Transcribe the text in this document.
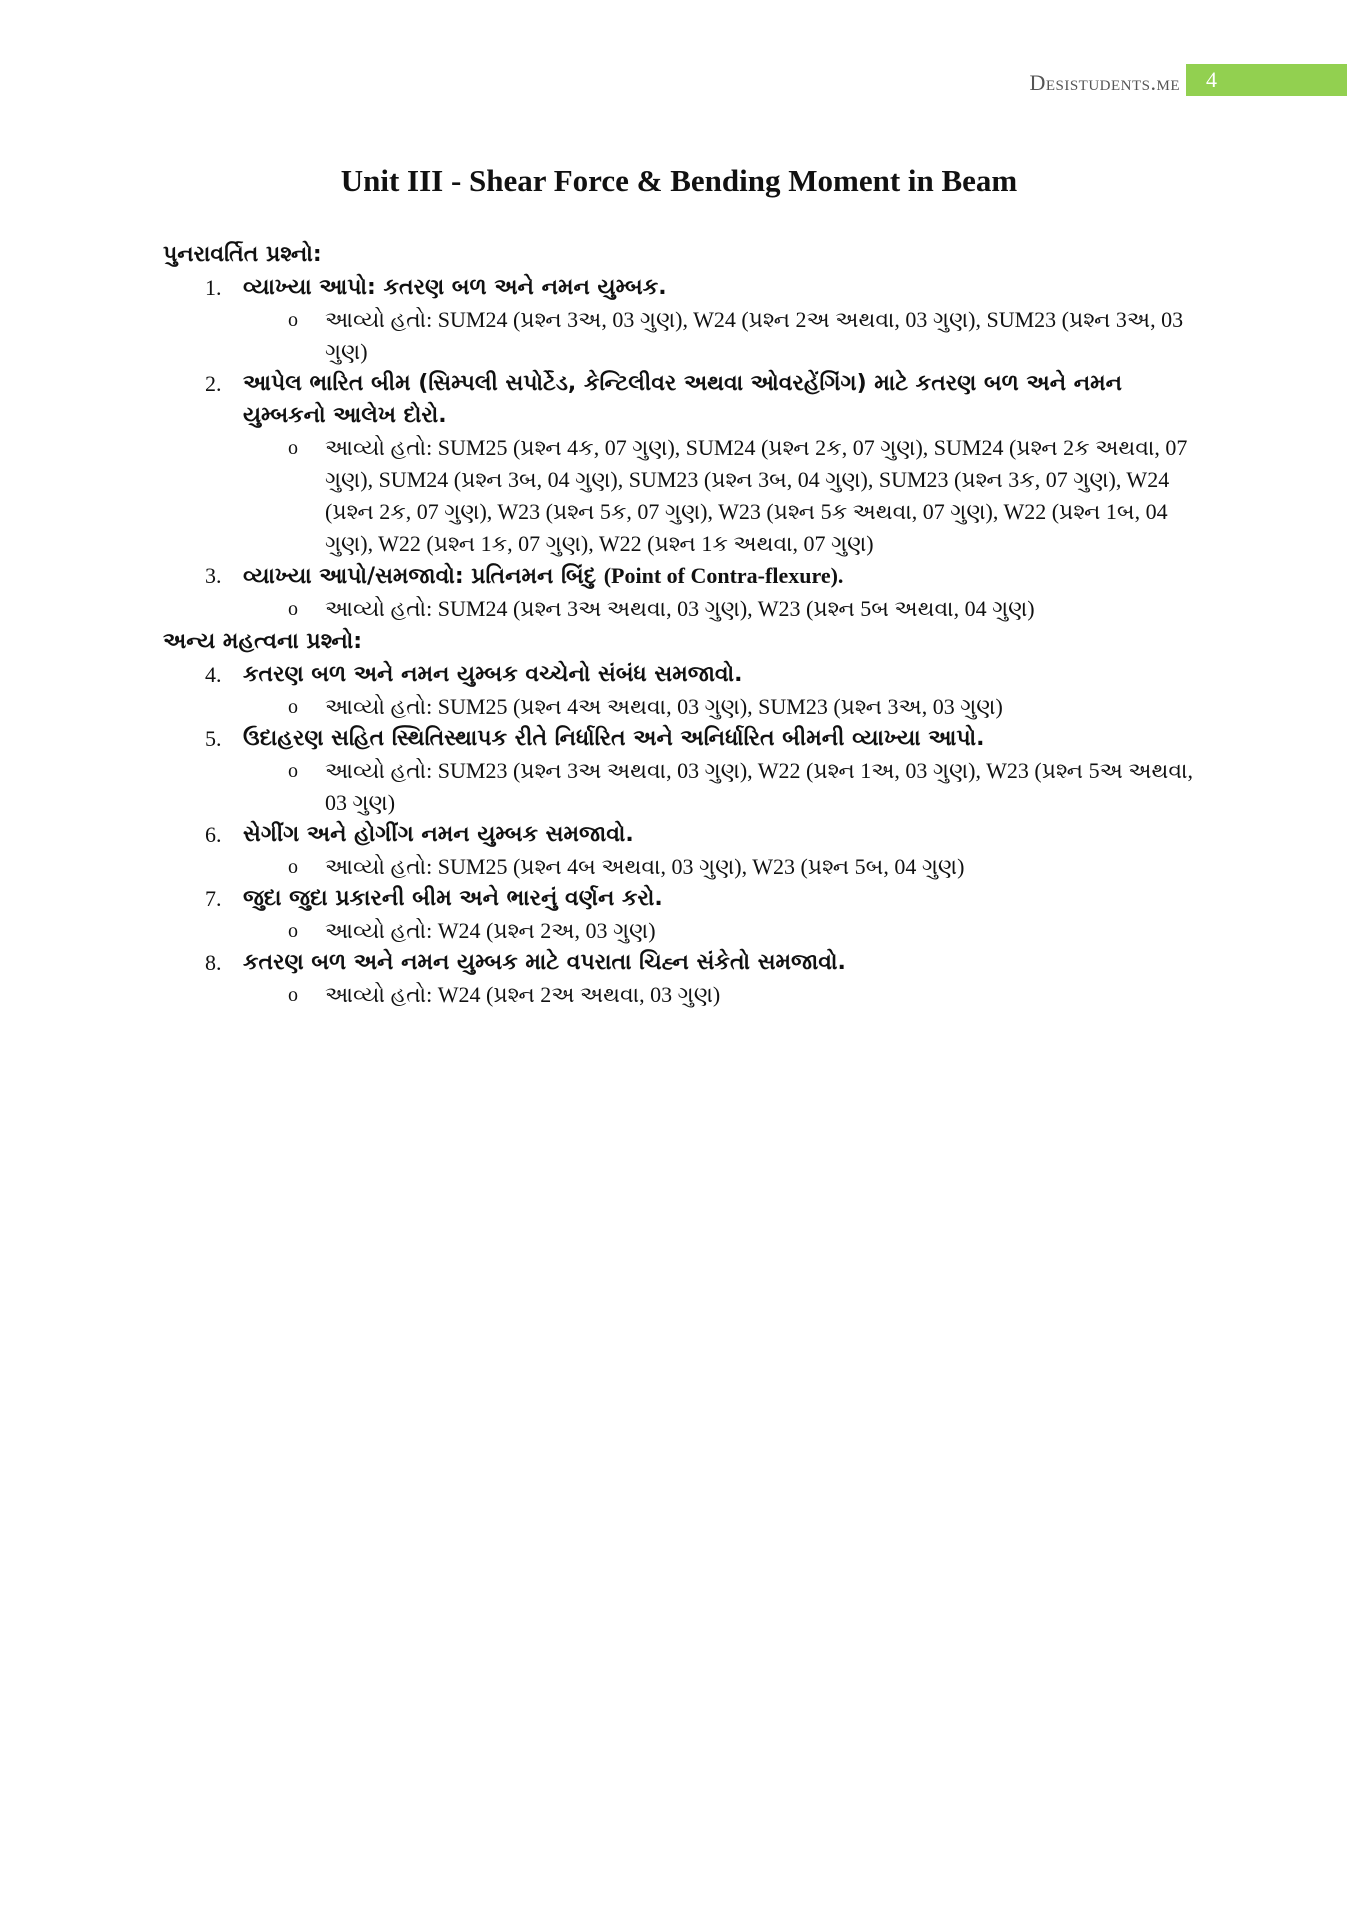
Desistudents.me	4
Unit III - Shear Force & Bending Moment in Beam
પુનરાવર્તિત પ્રશ્નો:
1. વ્યાખ્યા આપો: કતરણ બળ અને નમન યુમ્બક.
o આવ્યો હતો: SUM24 (પ્રશ્ન 3અ, 03 ગુણ), W24 (પ્રશ્ન 2અ અથવા, 03 ગુણ), SUM23 (પ્રશ્ન 3અ, 03 ગુણ)
2. આપેલ ભારિત બીમ (સિમ્પલી સપોર્ટેડ, કેન્ટિલીવર અથવા ઓવરહેંગિંગ) માટે કતરણ બળ અને નમન યુમ્બકનો આલેખ દોરો.
o આવ્યો હતો: SUM25 (પ્રશ્ન 4ક, 07 ગુણ), SUM24 (પ્રશ્ન 2ક, 07 ગુણ), SUM24 (પ્રશ્ન 2ક અથવા, 07 ગુણ), SUM24 (પ્રશ્ન 3બ, 04 ગુણ), SUM23 (પ્રશ્ન 3બ, 04 ગુણ), SUM23 (પ્રશ્ન 3ક, 07 ગુણ), W24 (પ્રશ્ન 2ક, 07 ગુણ), W23 (પ્રશ્ન 5ક, 07 ગુણ), W23 (પ્રશ્ન 5ક અથવા, 07 ગુણ), W22 (પ્રશ્ન 1બ, 04 ગુણ), W22 (પ્રશ્ન 1ક, 07 ગુણ), W22 (પ્રશ્ન 1ક અથવા, 07 ગુણ)
3. વ્યાખ્યા આપો/સમજાવો: પ્રતિનમન બિંદુ (Point of Contra-flexure).
o આવ્યો હતો: SUM24 (પ્રશ્ન 3અ અથવા, 03 ગુણ), W23 (પ્રશ્ન 5બ અથવા, 04 ગુણ)
અન્ય મહત્વના પ્રશ્નો:
4. કતરણ બળ અને નમન યુમ્બક વચ્ચેનો સંબંધ સમજાવો.
o આવ્યો હતો: SUM25 (પ્રશ્ન 4અ અથવા, 03 ગુણ), SUM23 (પ્રશ્ન 3અ, 03 ગુણ)
5. ઉદાહરણ સહિત સ્થિતિસ્થાપક રીતે નિર્ધારિત અને અનિર્ધારિત બીમની વ્યાખ્યા આપો.
o આવ્યો હતો: SUM23 (પ્રશ્ન 3અ અથવા, 03 ગુણ), W22 (પ્રશ્ન 1અ, 03 ગુણ), W23 (પ્રશ્ન 5અ અથવા, 03 ગુણ)
6. સેગીંગ અને હોગીંગ નમન યુમ્બક સમજાવો.
o આવ્યો હતો: SUM25 (પ્રશ્ન 4બ અથવા, 03 ગુણ), W23 (પ્રશ્ન 5બ, 04 ગુણ)
7. જુદા જુદા પ્રકારની બીમ અને ભારનું વર્ણન કરો.
o આવ્યો હતો: W24 (પ્રશ્ન 2અ, 03 ગુણ)
8. કતરણ બળ અને નમન યુમ્બક માટે વપરાતા ચિહ્ન સંકેતો સમજાવો.
o આવ્યો હતો: W24 (પ્રશ્ન 2અ અથવા, 03 ગુણ)
